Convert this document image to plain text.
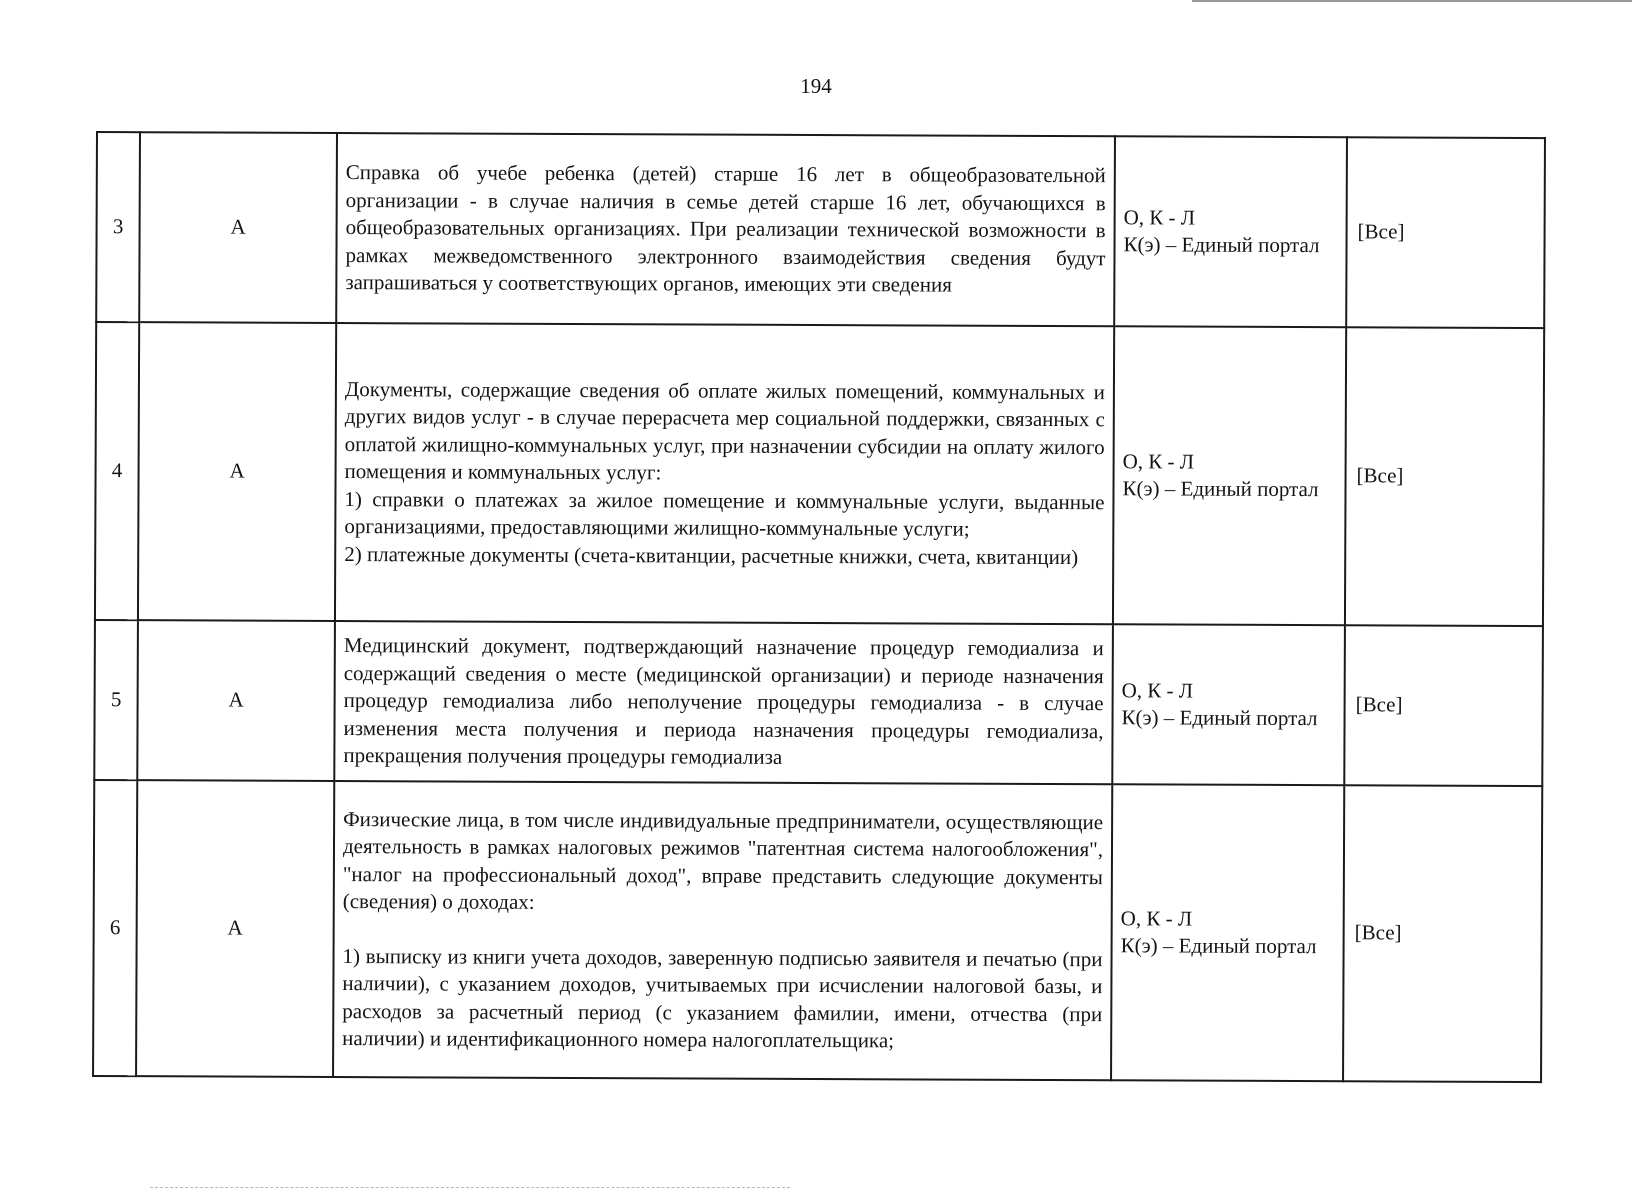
194
3	А	Справка об учебе ребенка (детей) старше 16 лет в общеобразовательной организации - в случае наличия в семье детей старше 16 лет, обучающихся в общеобразовательных организациях. При реализации технической возможности в рамках межведомственного электронного взаимодействия сведения будут запрашиваться у соответствующих органов, имеющих эти сведения	О, К - Л
К(э) – Единый портал	[Все]
4	А	Документы, содержащие сведения об оплате жилых помещений, коммунальных и других видов услуг - в случае перерасчета мер социальной поддержки, связанных с оплатой жилищно-коммунальных услуг, при назначении субсидии на оплату жилого помещения и коммунальных услуг:
1) справки о платежах за жилое помещение и коммунальные услуги, выданные организациями, предоставляющими жилищно-коммунальные услуги;
2) платежные документы (счета-квитанции, расчетные книжки, счета, квитанции)	О, К - Л
К(э) – Единый портал	[Все]
5	А	Медицинский документ, подтверждающий назначение процедур гемодиализа и содержащий сведения о месте (медицинской организации) и периоде назначения процедур гемодиализа либо неполучение процедуры гемодиализа - в случае изменения места получения и периода назначения процедуры гемодиализа, прекращения получения процедуры гемодиализа	О, К - Л
К(э) – Единый портал	[Все]
6	А	Физические лица, в том числе индивидуальные предприниматели, осуществляющие деятельность в рамках налоговых режимов "патентная система налогообложения", "налог на профессиональный доход", вправе представить следующие документы (сведения) о доходах:
1) выписку из книги учета доходов, заверенную подписью заявителя и печатью (при наличии), с указанием доходов, учитываемых при исчислении налоговой базы, и расходов за расчетный период (с указанием фамилии, имени, отчества (при наличии) и идентификационного номера налогоплательщика;	О, К - Л
К(э) – Единый портал	[Все]
